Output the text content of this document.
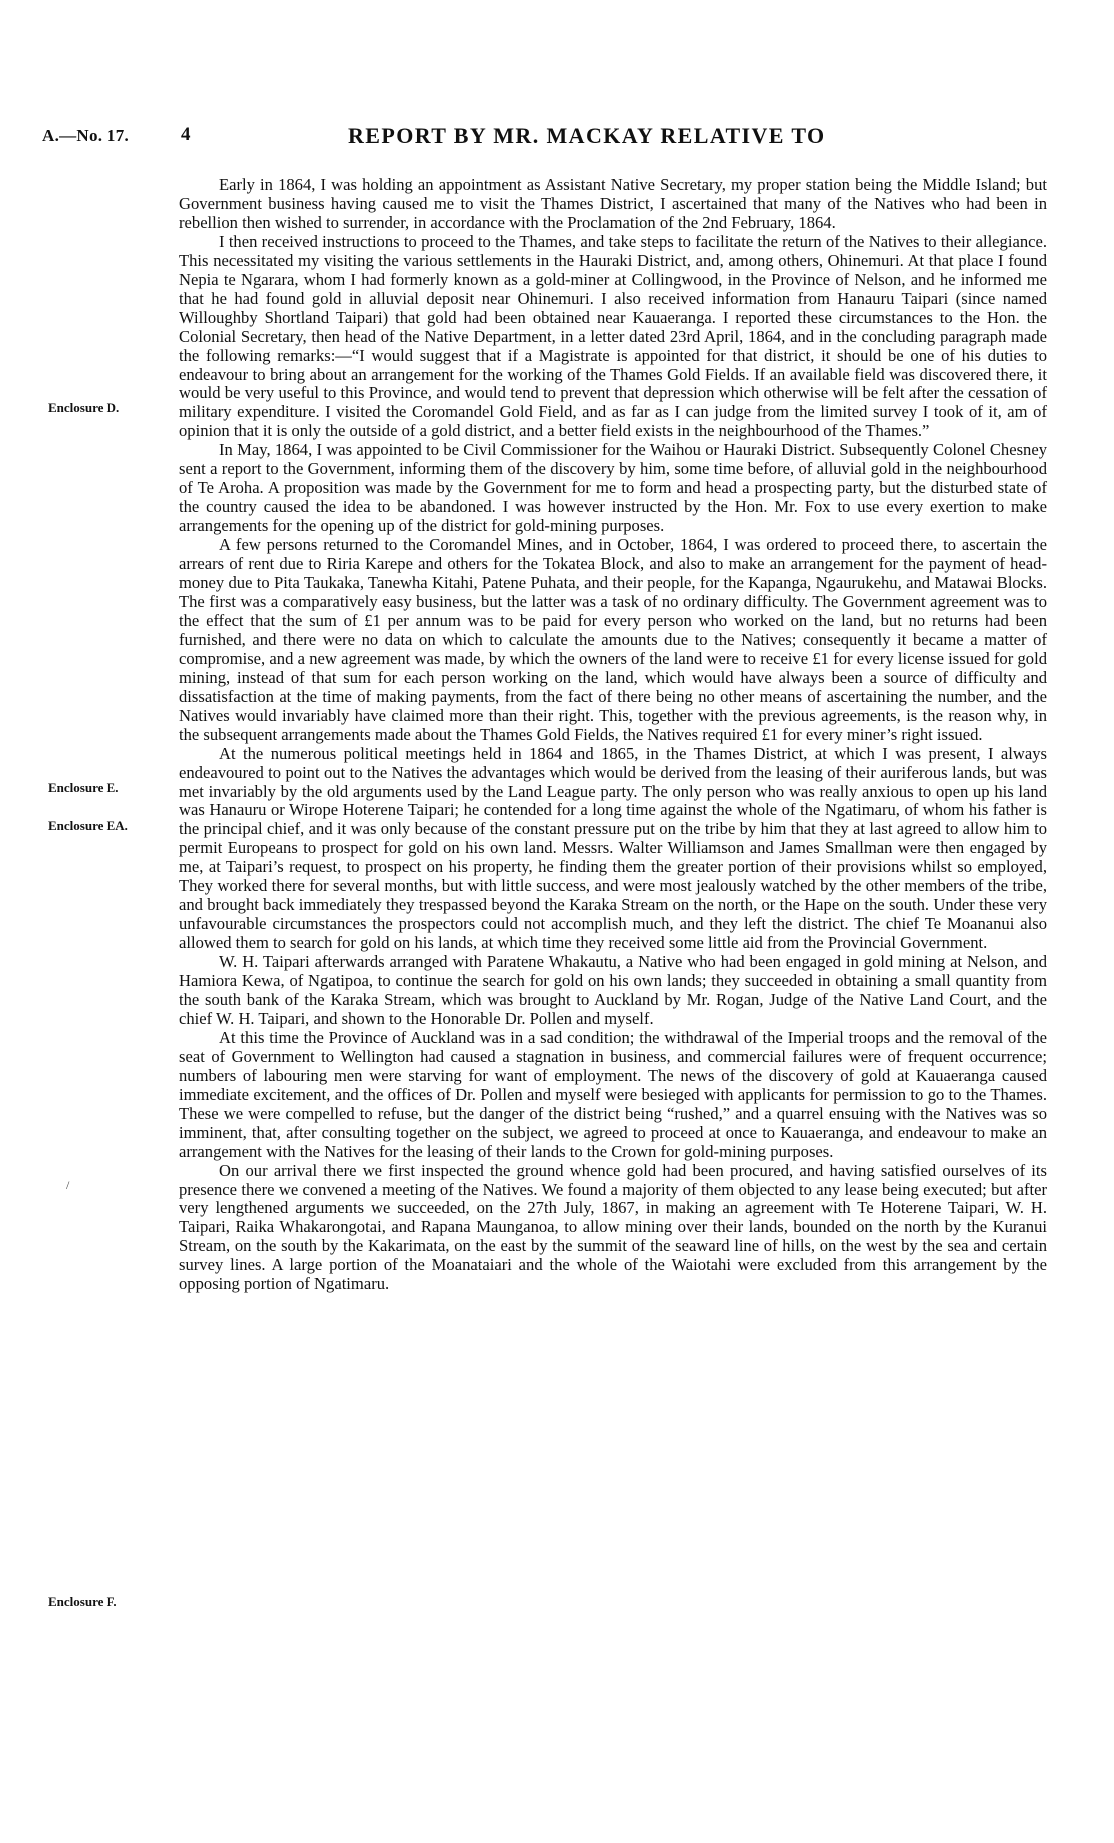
A.—No. 17.	4	REPORT BY MR. MACKAY RELATIVE TO
Enclosure D.
Enclosure E.
Enclosure EA.
Enclosure F.
/

Early in 1864, I was holding an appointment as Assistant Native Secretary, my proper station being the Middle Island; but Government business having caused me to visit the Thames District, I ascertained that many of the Natives who had been in rebellion then wished to surrender, in accordance with the Proclamation of the 2nd February, 1864.

I then received instructions to proceed to the Thames, and take steps to facilitate the return of the Natives to their allegiance. This necessitated my visiting the various settlements in the Hauraki District, and, among others, Ohinemuri. At that place I found Nepia te Ngarara, whom I had formerly known as a gold-miner at Collingwood, in the Province of Nelson, and he informed me that he had found gold in alluvial deposit near Ohinemuri. I also received information from Hanauru Taipari (since named Willoughby Shortland Taipari) that gold had been obtained near Kauaeranga. I reported these circumstances to the Hon. the Colonial Secretary, then head of the Native Department, in a letter dated 23rd April, 1864, and in the concluding paragraph made the following remarks:—“I would suggest that if a Magistrate is appointed for that district, it should be one of his duties to endeavour to bring about an arrangement for the working of the Thames Gold Fields. If an available field was discovered there, it would be very useful to this Province, and would tend to prevent that depression which otherwise will be felt after the cessation of military expenditure. I visited the Coromandel Gold Field, and as far as I can judge from the limited survey I took of it, am of opinion that it is only the outside of a gold district, and a better field exists in the neighbourhood of the Thames.”

In May, 1864, I was appointed to be Civil Commissioner for the Waihou or Hauraki District. Subsequently Colonel Chesney sent a report to the Government, informing them of the discovery by him, some time before, of alluvial gold in the neighbourhood of Te Aroha. A proposition was made by the Government for me to form and head a prospecting party, but the disturbed state of the country caused the idea to be abandoned. I was however instructed by the Hon. Mr. Fox to use every exertion to make arrangements for the opening up of the district for gold-mining purposes.

A few persons returned to the Coromandel Mines, and in October, 1864, I was ordered to proceed there, to ascertain the arrears of rent due to Riria Karepe and others for the Tokatea Block, and also to make an arrangement for the payment of head-money due to Pita Taukaka, Tanewha Kitahi, Patene Puhata, and their people, for the Kapanga, Ngaurukehu, and Matawai Blocks. The first was a comparatively easy business, but the latter was a task of no ordinary difficulty. The Government agreement was to the effect that the sum of £1 per annum was to be paid for every person who worked on the land, but no returns had been furnished, and there were no data on which to calculate the amounts due to the Natives; consequently it became a matter of compromise, and a new agreement was made, by which the owners of the land were to receive £1 for every license issued for gold mining, instead of that sum for each person working on the land, which would have always been a source of difficulty and dissatisfaction at the time of making payments, from the fact of there being no other means of ascertaining the number, and the Natives would invariably have claimed more than their right. This, together with the previous agreements, is the reason why, in the subsequent arrangements made about the Thames Gold Fields, the Natives required £1 for every miner’s right issued.

At the numerous political meetings held in 1864 and 1865, in the Thames District, at which I was present, I always endeavoured to point out to the Natives the advantages which would be derived from the leasing of their auriferous lands, but was met invariably by the old arguments used by the Land League party. The only person who was really anxious to open up his land was Hanauru or Wirope Hoterene Taipari; he contended for a long time against the whole of the Ngatimaru, of whom his father is the principal chief, and it was only because of the constant pressure put on the tribe by him that they at last agreed to allow him to permit Europeans to prospect for gold on his own land. Messrs. Walter Williamson and James Smallman were then engaged by me, at Taipari’s request, to prospect on his property, he finding them the greater portion of their provisions whilst so employed, They worked there for several months, but with little success, and were most jealously watched by the other members of the tribe, and brought back immediately they trespassed beyond the Karaka Stream on the north, or the Hape on the south. Under these very unfavourable circumstances the prospectors could not accomplish much, and they left the district. The chief Te Moananui also allowed them to search for gold on his lands, at which time they received some little aid from the Provincial Government.

W. H. Taipari afterwards arranged with Paratene Whakautu, a Native who had been engaged in gold mining at Nelson, and Hamiora Kewa, of Ngatipoa, to continue the search for gold on his own lands; they succeeded in obtaining a small quantity from the south bank of the Karaka Stream, which was brought to Auckland by Mr. Rogan, Judge of the Native Land Court, and the chief W. H. Taipari, and shown to the Honorable Dr. Pollen and myself.

At this time the Province of Auckland was in a sad condition; the withdrawal of the Imperial troops and the removal of the seat of Government to Wellington had caused a stagnation in business, and commercial failures were of frequent occurrence; numbers of labouring men were starving for want of employment. The news of the discovery of gold at Kauaeranga caused immediate excitement, and the offices of Dr. Pollen and myself were besieged with applicants for permission to go to the Thames. These we were compelled to refuse, but the danger of the district being “rushed,” and a quarrel ensuing with the Natives was so imminent, that, after consulting together on the subject, we agreed to proceed at once to Kauaeranga, and endeavour to make an arrangement with the Natives for the leasing of their lands to the Crown for gold-mining purposes.

On our arrival there we first inspected the ground whence gold had been procured, and having satisfied ourselves of its presence there we convened a meeting of the Natives. We found a majority of them objected to any lease being executed; but after very lengthened arguments we succeeded, on the 27th July, 1867, in making an agreement with Te Hoterene Taipari, W. H. Taipari, Raika Whakarongotai, and Rapana Maunganoa, to allow mining over their lands, bounded on the north by the Kuranui Stream, on the south by the Kakarimata, on the east by the summit of the seaward line of hills, on the west by the sea and certain survey lines. A large portion of the Moanataiari and the whole of the Waiotahi were excluded from this arrangement by the opposing portion of Ngatimaru.
